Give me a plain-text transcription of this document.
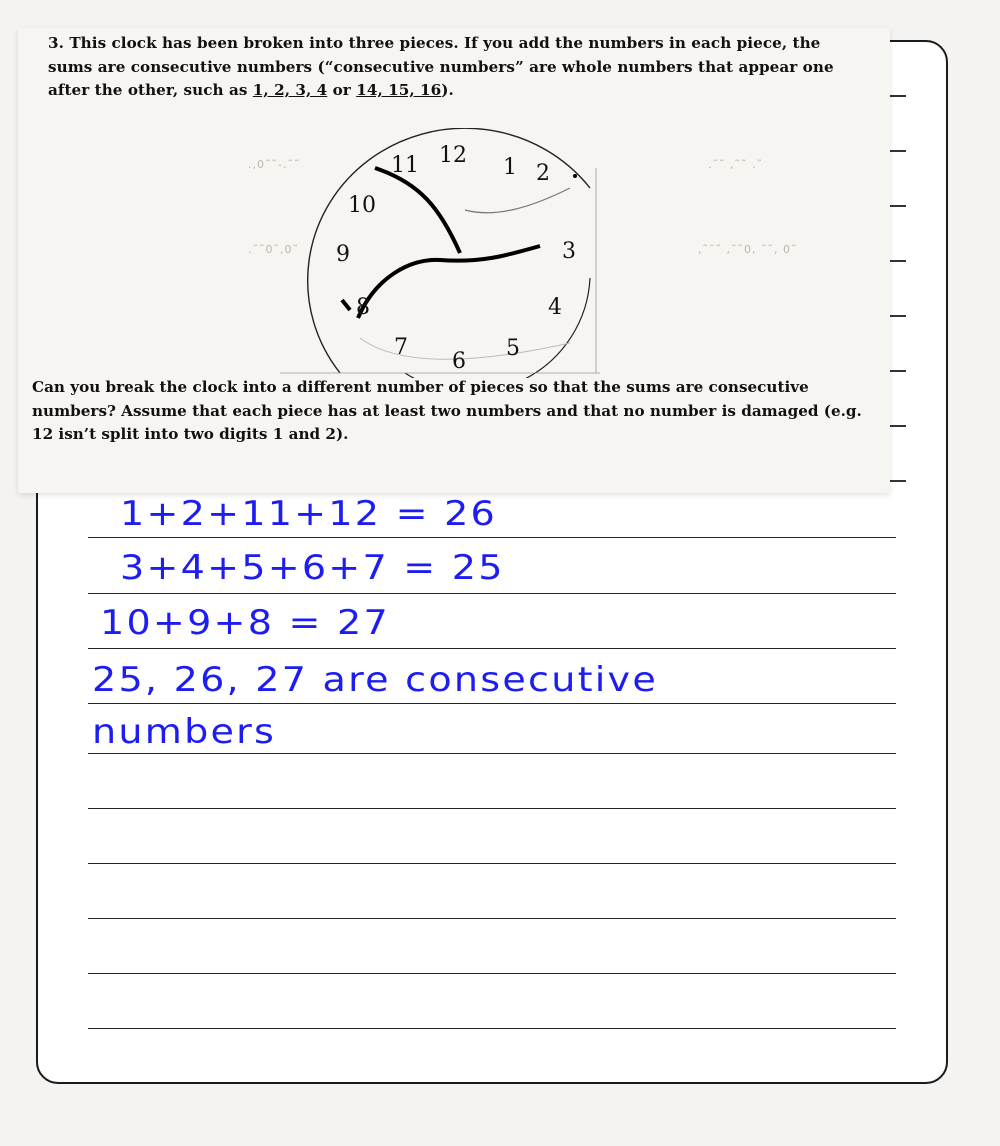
.,0˜˜-.˜˜	.˜˜ ,˜˜ .˜
.˜˜0˜,0˜	,˜˜˜ ,˜˜0, ˜˜, 0˜

3. This clock has been broken into three pieces. If you add the numbers in each piece, the
sums are consecutive numbers (“consecutive numbers” are whole numbers that appear one
after the other, such as 1, 2, 3, 4 or 14, 15, 16).

12 1 2
3
4
5
6
7
8
9
10
11

Can you break the clock into a different number of pieces so that the sums are consecutive numbers? Assume that each piece has at least two numbers and that no number is damaged (e.g. 12 isn’t split into two digits 1 and 2).

1+2+11+12 = 26
3+4+5+6+7 = 25
10+9+8 = 27
25, 26, 27 are consecutive
numbers
